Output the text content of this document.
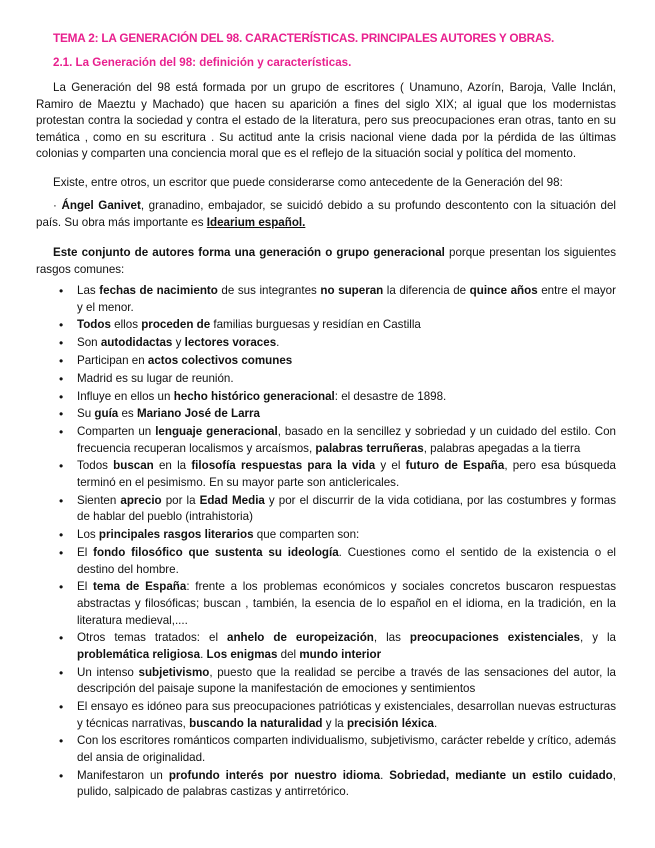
TEMA 2: LA GENERACIÓN DEL 98. CARACTERÍSTICAS. PRINCIPALES AUTORES Y OBRAS.
2.1. La Generación del 98: definición y características.
La Generación del 98 está formada por un grupo de escritores ( Unamuno, Azorín, Baroja, Valle Inclán, Ramiro de Maeztu y Machado) que hacen su aparición a fines del siglo XIX; al igual que los modernistas protestan contra la sociedad y contra el estado de la literatura, pero sus preocupaciones eran otras, tanto en su temática , como en su escritura . Su actitud ante la crisis nacional viene dada por la pérdida de las últimas colonias y comparten una conciencia moral que es el reflejo de la situación social y política del momento.
Existe, entre otros, un escritor que puede considerarse como antecedente de la Generación del 98:
· Ángel Ganivet, granadino, embajador, se suicidó debido a su profundo descontento con la situación del país. Su obra más importante es Idearium español.
Este conjunto de autores forma una generación o grupo generacional porque presentan los siguientes rasgos comunes:
• Las fechas de nacimiento de sus integrantes no superan la diferencia de quince años entre el mayor y el menor.
• Todos ellos proceden de familias burguesas y residían en Castilla
• Son autodidactas y lectores voraces.
• Participan en actos colectivos comunes
• Madrid es su lugar de reunión.
• Influye en ellos un hecho histórico generacional: el desastre de 1898.
• Su guía es Mariano José de Larra
• Comparten un lenguaje generacional, basado en la sencillez y sobriedad y un cuidado del estilo. Con frecuencia recuperan localismos y arcaísmos, palabras terruñeras, palabras apegadas a la tierra
• Todos buscan en la filosofía respuestas para la vida y el futuro de España, pero esa búsqueda terminó en el pesimismo. En su mayor parte son anticlericales.
• Sienten aprecio por la Edad Media y por el discurrir de la vida cotidiana, por las costumbres y formas de hablar del pueblo (intrahistoria)
• Los principales rasgos literarios que comparten son:
• El fondo filosófico que sustenta su ideología. Cuestiones como el sentido de la existencia o el destino del hombre.
• El tema de España: frente a los problemas económicos y sociales concretos buscaron respuestas abstractas y filosóficas; buscan , también, la esencia de lo español en el idioma, en la tradición, en la literatura medieval,....
• Otros temas tratados: el anhelo de europeización, las preocupaciones existenciales, y la problemática religiosa. Los enigmas del mundo interior
• Un intenso subjetivismo, puesto que la realidad se percibe a través de las sensaciones del autor, la descripción del paisaje supone la manifestación de emociones y sentimientos
• El ensayo es idóneo para sus preocupaciones patrióticas y existenciales, desarrollan nuevas estructuras y técnicas narrativas, buscando la naturalidad y la precisión léxica.
• Con los escritores románticos comparten individualismo, subjetivismo, carácter rebelde y crítico, además del ansia de originalidad.
• Manifestaron un profundo interés por nuestro idioma. Sobriedad, mediante un estilo cuidado, pulido, salpicado de palabras castizas y antirretórico.
